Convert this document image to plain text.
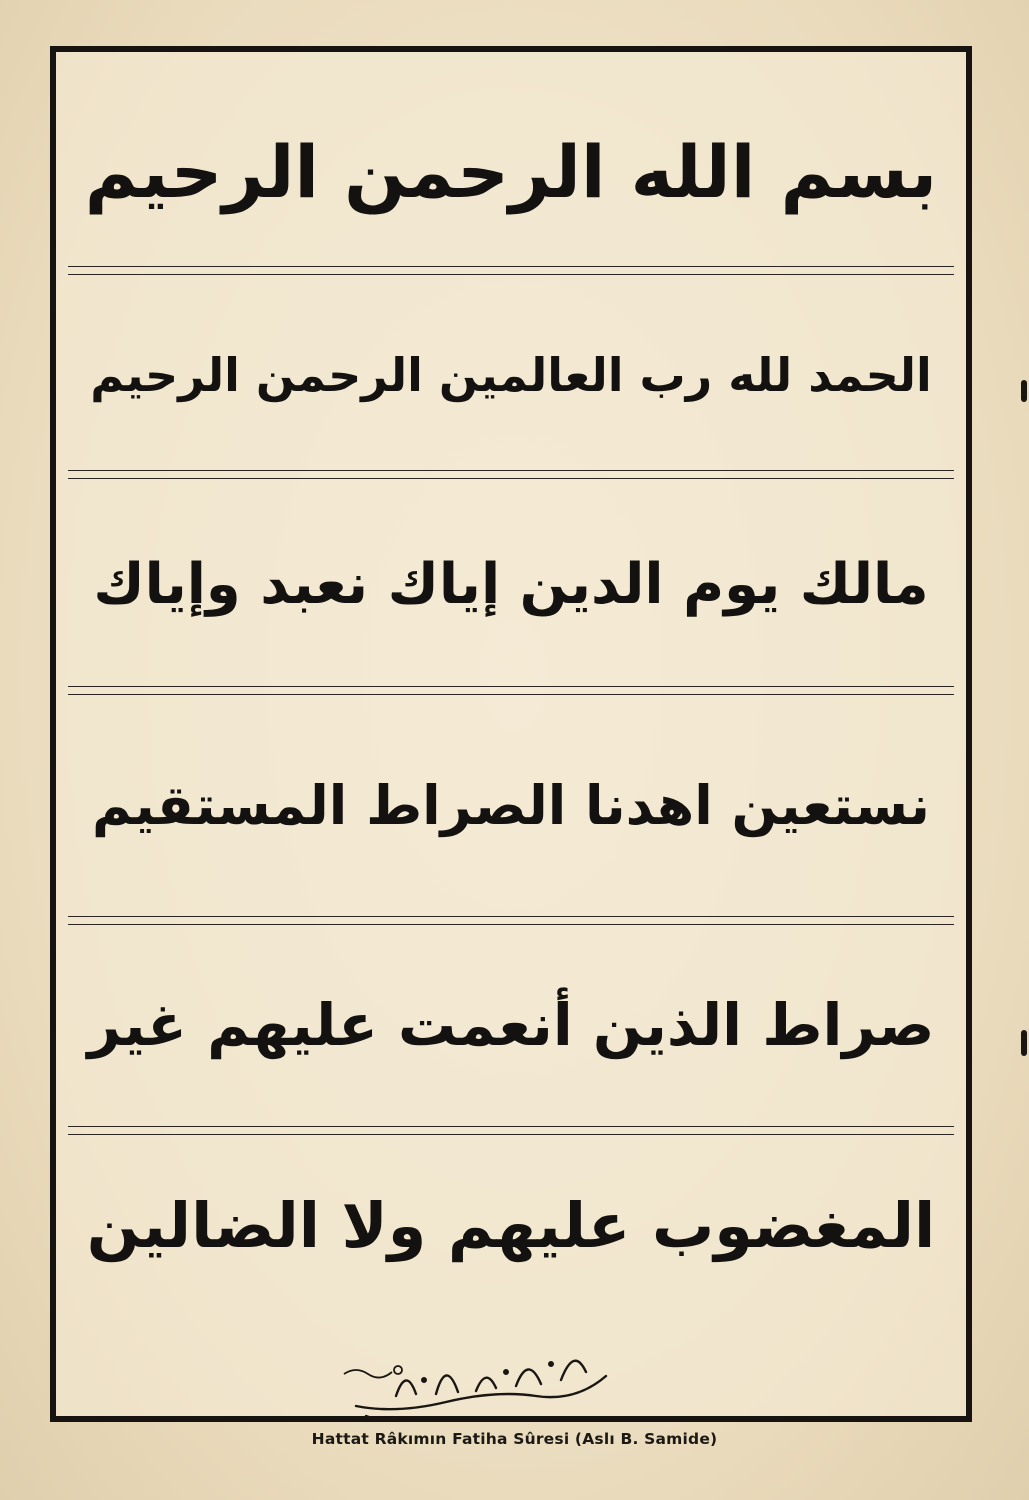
بسم الله الرحمن الرحيم
الحمد لله رب العالمين الرحمن الرحيم
مالك يوم الدين إياك نعبد وإياك
نستعين اهدنا الصراط المستقيم
صراط الذين أنعمت عليهم غير
المغضوب عليهم ولا الضالين
Hattat Râkımın Fatiha Sûresi (Aslı B. Samide)
